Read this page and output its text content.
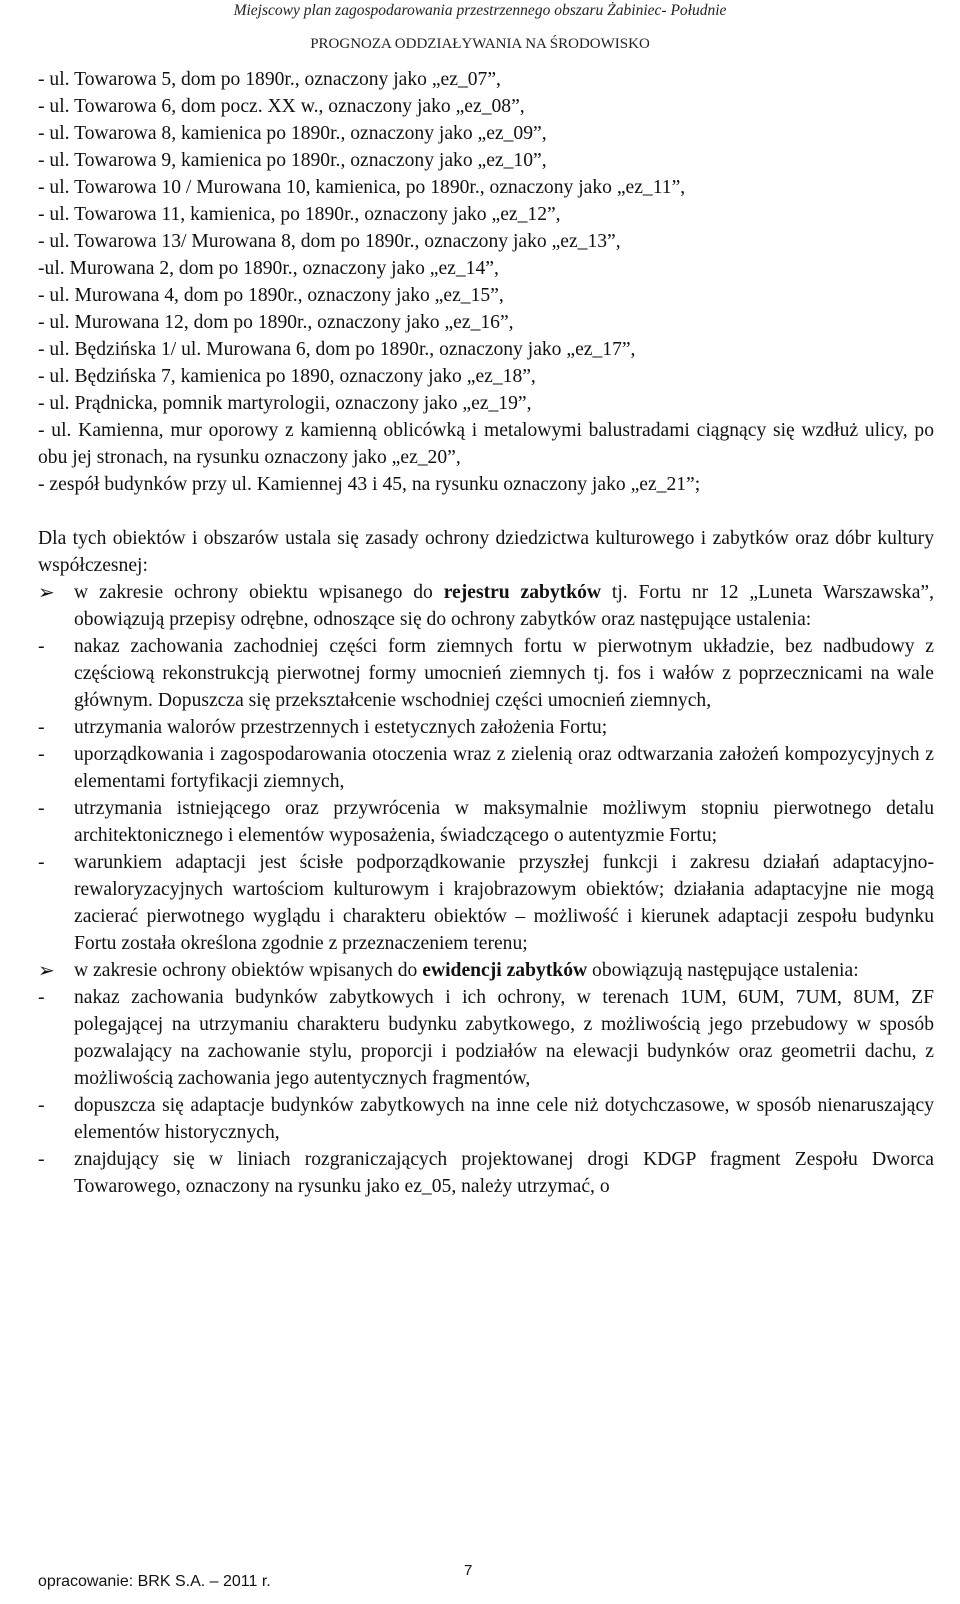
Miejscowy plan zagospodarowania przestrzennego obszaru Żabiniec- Południe
PROGNOZA ODDZIAŁYWANIA NA ŚRODOWISKO
- ul. Towarowa 5, dom po 1890r., oznaczony jako „ez_07”,
- ul. Towarowa 6, dom pocz. XX w., oznaczony jako „ez_08”,
- ul. Towarowa 8, kamienica po 1890r., oznaczony jako „ez_09”,
- ul. Towarowa 9, kamienica po 1890r., oznaczony jako „ez_10”,
- ul. Towarowa 10 / Murowana 10, kamienica, po 1890r., oznaczony jako „ez_11”,
- ul. Towarowa 11, kamienica, po 1890r., oznaczony jako „ez_12”,
- ul. Towarowa 13/ Murowana 8, dom po 1890r., oznaczony jako „ez_13”,
-ul. Murowana 2, dom po 1890r., oznaczony jako „ez_14”,
- ul. Murowana 4, dom po 1890r., oznaczony jako „ez_15”,
- ul. Murowana 12, dom po 1890r., oznaczony jako „ez_16”,
- ul. Będzińska 1/ ul. Murowana 6, dom po 1890r., oznaczony jako „ez_17”,
- ul. Będzińska 7, kamienica po 1890, oznaczony jako „ez_18”,
- ul. Prądnicka, pomnik martyrologii, oznaczony jako „ez_19”,
- ul. Kamienna, mur oporowy z kamienną oblicówką i metalowymi balustradami ciągnący się wzdłuż ulicy, po obu jej stronach, na rysunku oznaczony jako „ez_20”,
- zespół budynków przy ul. Kamiennej 43 i 45, na rysunku oznaczony jako „ez_21”;
Dla tych obiektów i obszarów ustala się zasady ochrony dziedzictwa kulturowego i zabytków oraz dóbr kultury współczesnej:
➢ w zakresie ochrony obiektu wpisanego do rejestru zabytków tj. Fortu nr 12 „Luneta Warszawska”, obowiązują przepisy odrębne, odnoszące się do ochrony zabytków oraz następujące ustalenia:
-	nakaz zachowania zachodniej części form ziemnych fortu w pierwotnym układzie, bez nadbudowy z częściową rekonstrukcją pierwotnej formy umocnień ziemnych tj. fos i wałów z poprzecznicami na wale głównym. Dopuszcza się przekształcenie wschodniej części umocnień ziemnych,
-	utrzymania walorów przestrzennych i estetycznych założenia Fortu;
-	uporządkowania i zagospodarowania otoczenia wraz z zielenią oraz odtwarzania założeń kompozycyjnych z elementami fortyfikacji ziemnych,
-	utrzymania istniejącego oraz przywrócenia w maksymalnie możliwym stopniu pierwotnego detalu architektonicznego i elementów wyposażenia, świadczącego o autentyzmie Fortu;
-	warunkiem adaptacji jest ścisłe podporządkowanie przyszłej funkcji i zakresu działań adaptacyjno-rewaloryzacyjnych wartościom kulturowym i krajobrazowym obiektów; działania adaptacyjne nie mogą zacierać pierwotnego wyglądu i charakteru obiektów – możliwość i kierunek adaptacji zespołu budynku Fortu została określona zgodnie z przeznaczeniem terenu;
➢ w zakresie ochrony obiektów wpisanych do ewidencji zabytków obowiązują następujące ustalenia:
-	nakaz zachowania budynków zabytkowych i ich ochrony, w terenach 1UM, 6UM, 7UM, 8UM, ZF polegającej na utrzymaniu charakteru budynku zabytkowego, z możliwością jego przebudowy w sposób pozwalający na zachowanie stylu, proporcji i podziałów na elewacji budynków oraz geometrii dachu, z możliwością zachowania jego autentycznych fragmentów,
-	dopuszcza się adaptacje budynków zabytkowych na inne cele niż dotychczasowe, w sposób nienaruszający elementów historycznych,
-	znajdujący się w liniach rozgraniczających projektowanej drogi KDGP fragment Zespołu Dworca Towarowego, oznaczony na rysunku jako ez_05, należy utrzymać, o
opracowanie: BRK S.A. – 2011 r.
7
